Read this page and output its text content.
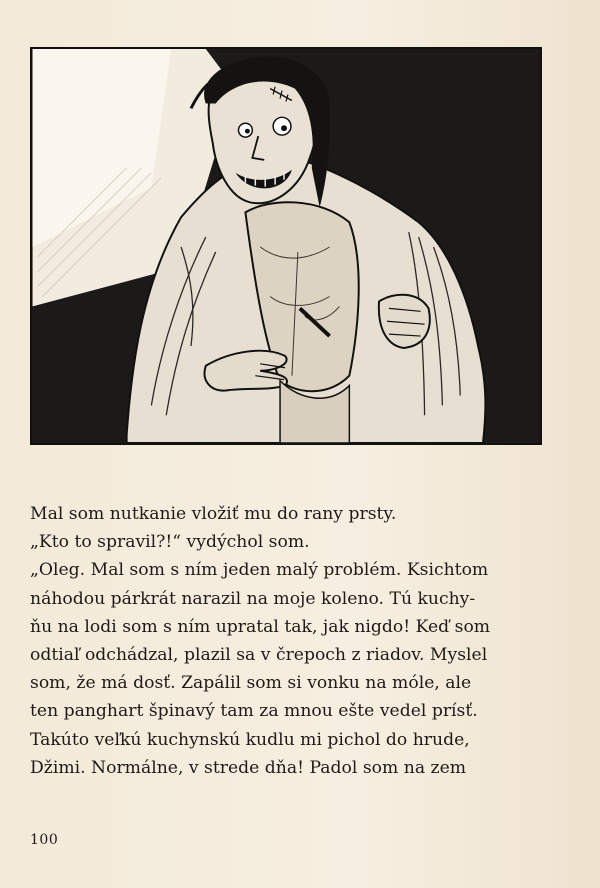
Mal som nutkanie vložiť mu do rany prsty.

„Kto to spravil?!“ vydýchol som.

„Oleg. Mal som s ním jeden malý problém. Ksichtom
náhodou párkrát narazil na moje koleno. Tú kuchy-
ňu na lodi som s ním upratal tak, jak nigdo! Keď som
odtiaľ odchádzal, plazil sa v črepoch z riadov. Myslel
som, že má dosť. Zapálil som si vonku na móle, ale
ten panghart špinavý tam za mnou ešte vedel prísť.
Takúto veľkú kuchynskú kudlu mi pichol do hrude,
Džimi. Normálne, v strede dňa! Padol som na zem

100
